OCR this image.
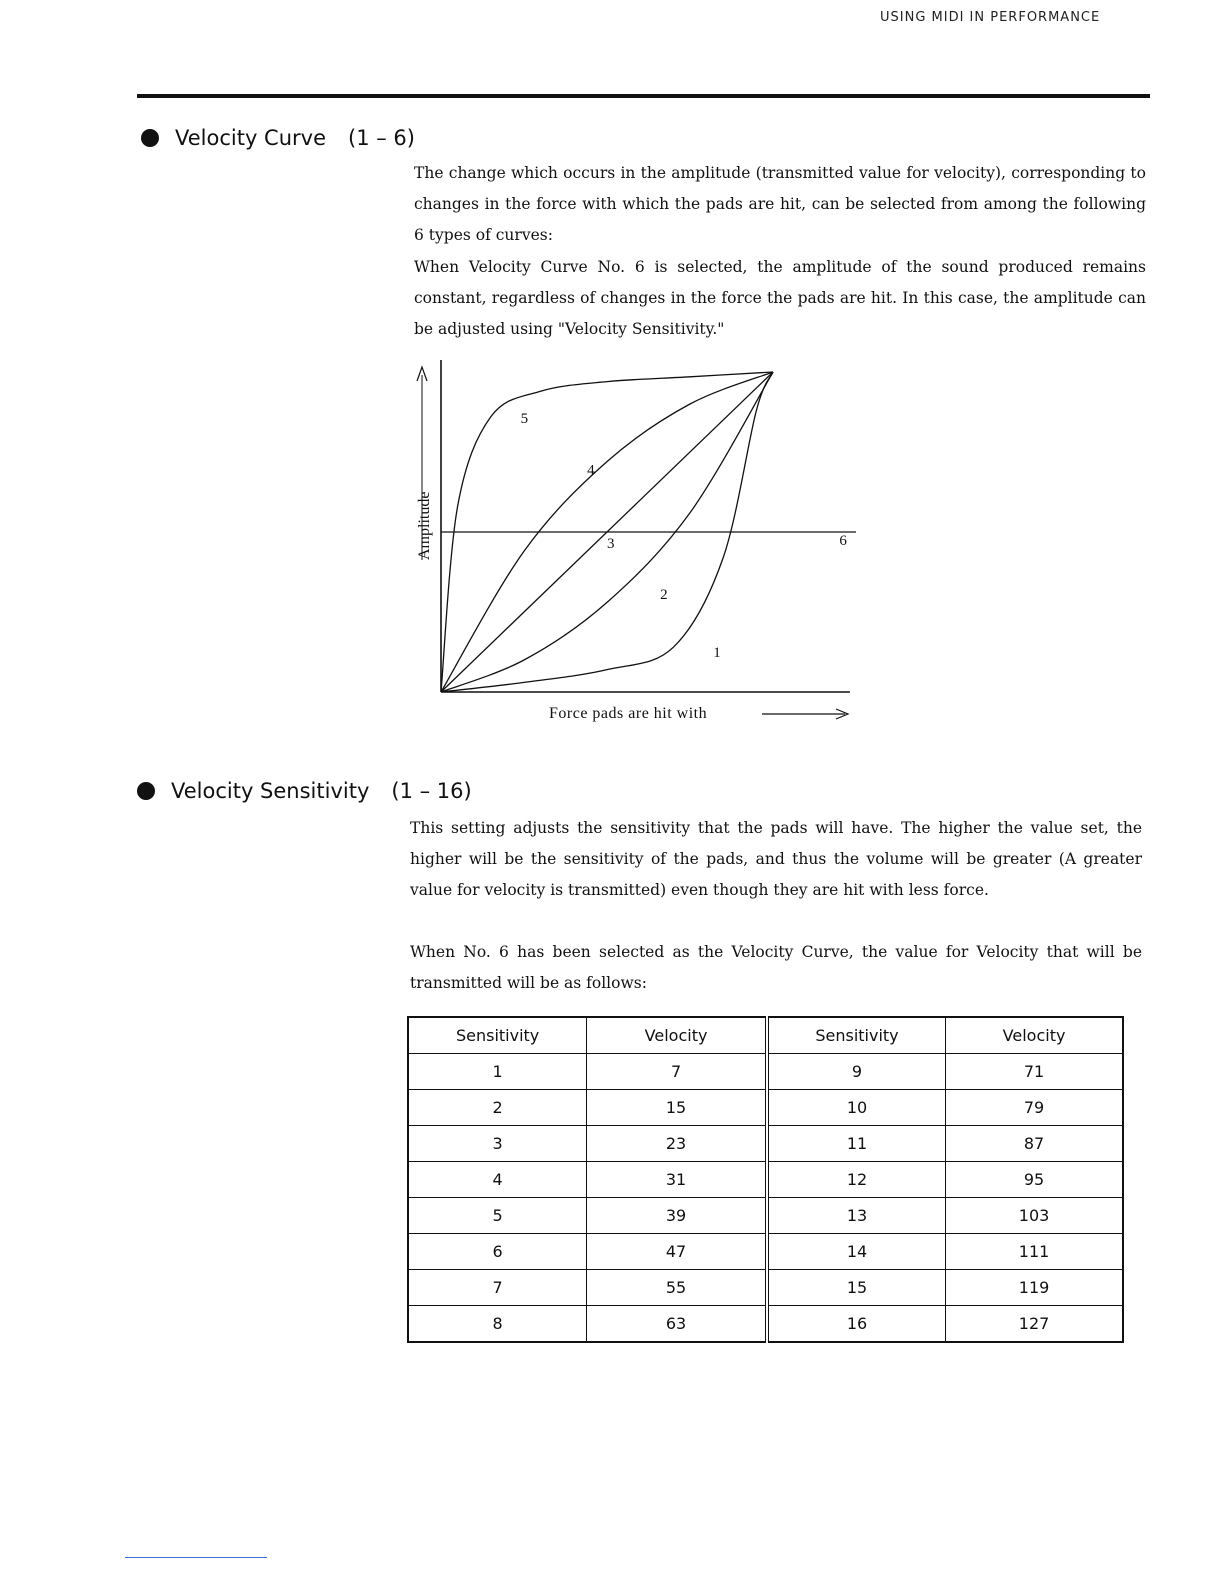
USING MIDI IN PERFORMANCE
Velocity Curve (1 – 6)

The change which occurs in the amplitude (transmitted value for velocity), corresponding to changes in the force with which the pads are hit, can be selected from among the following 6 types of curves:

When Velocity Curve No. 6 is selected, the amplitude of the sound produced remains constant, regardless of changes in the force the pads are hit. In this case, the amplitude can be adjusted using "Velocity Sensitivity."

Amplitude
Force pads are hit with
1
2
3
4
5
6
Velocity Sensitivity (1 – 16)

This setting adjusts the sensitivity that the pads will have. The higher the value set, the higher will be the sensitivity of the pads, and thus the volume will be greater (A greater value for velocity is transmitted) even though they are hit with less force.

When No. 6 has been selected as the Velocity Curve, the value for Velocity that will be transmitted will be as follows:

Sensitivity	Velocity	Sensitivity	Velocity
1	7	9	71
2	15	10	79
3	23	11	87
4	31	12	95
5	39	13	103
6	47	14	111
7	55	15	119
8	63	16	127
